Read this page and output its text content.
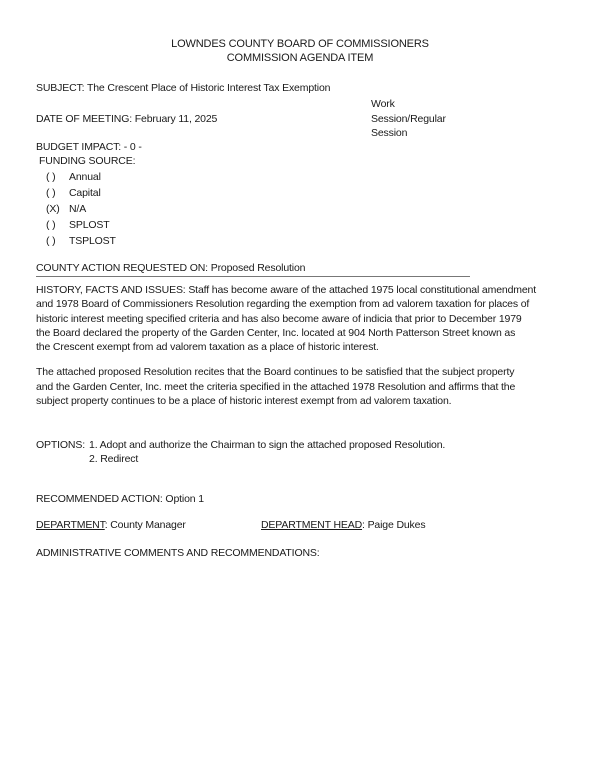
LOWNDES COUNTY BOARD OF COMMISSIONERS
COMMISSION AGENDA ITEM
SUBJECT: The Crescent Place of Historic Interest Tax Exemption
Work
Session/Regular
Session
DATE OF MEETING: February 11, 2025
BUDGET IMPACT: - 0 -
FUNDING SOURCE:
( ) Annual
( ) Capital
(X) N/A
( ) SPLOST
( ) TSPLOST
COUNTY ACTION REQUESTED ON: Proposed Resolution
HISTORY, FACTS AND ISSUES: Staff has become aware of the attached 1975 local constitutional amendment
and 1978 Board of Commissioners Resolution regarding the exemption from ad valorem taxation for places of
historic interest meeting specified criteria and has also become aware of indicia that prior to December 1979
the Board declared the property of the Garden Center, Inc. located at 904 North Patterson Street known as
the Crescent exempt from ad valorem taxation as a place of historic interest.
The attached proposed Resolution recites that the Board continues to be satisfied that the subject property
and the Garden Center, Inc. meet the criteria specified in the attached 1978 Resolution and affirms that the
subject property continues to be a place of historic interest exempt from ad valorem taxation.
OPTIONS: 1. Adopt and authorize the Chairman to sign the attached proposed Resolution.
2. Redirect
RECOMMENDED ACTION: Option 1
DEPARTMENT: County Manager	DEPARTMENT HEAD: Paige Dukes
ADMINISTRATIVE COMMENTS AND RECOMMENDATIONS:
